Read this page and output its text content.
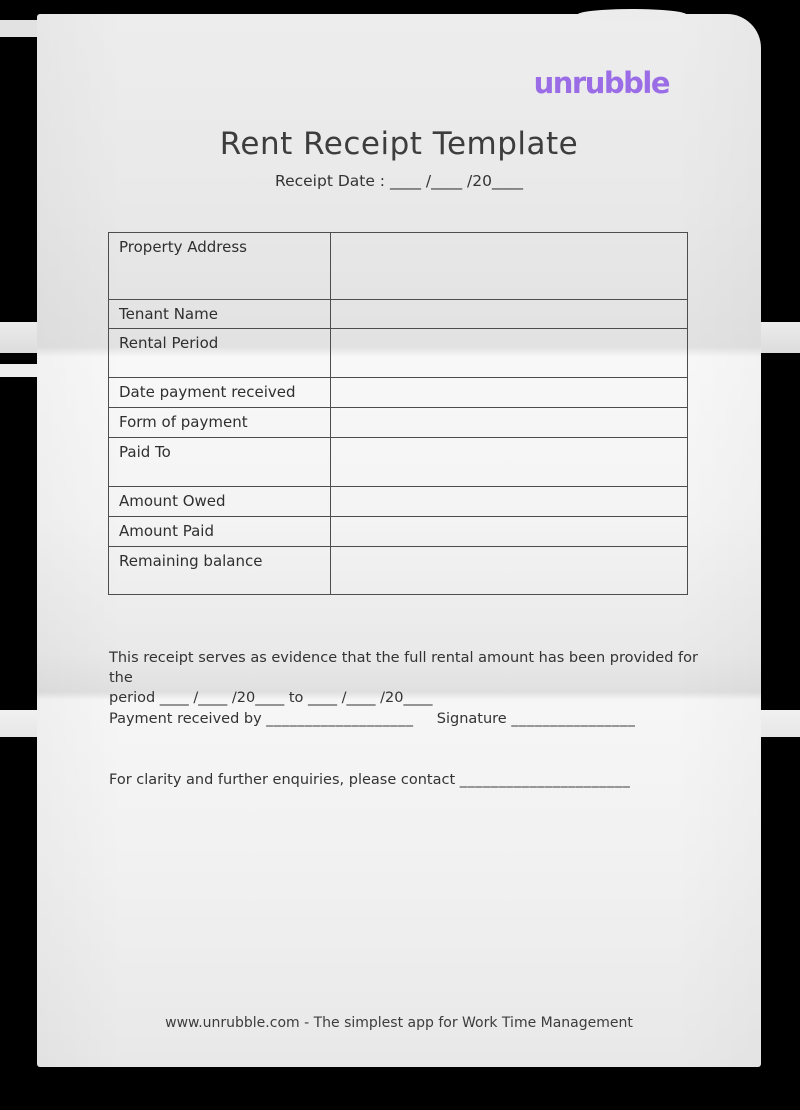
unrubble
Rent Receipt Template
Receipt Date : ____ /____ /20____
Property Address	
Tenant Name	
Rental Period	
Date payment received	
Form of payment	
Paid To	
Amount Owed	
Amount Paid	
Remaining balance	
This receipt serves as evidence that the full rental amount has been provided for the
period ____ /____ /20____ to ____ /____ /20____
Payment received by ___________________ Signature ________________
For clarity and further enquiries, please contact ______________________
www.unrubble.com - The simplest app for Work Time Management
